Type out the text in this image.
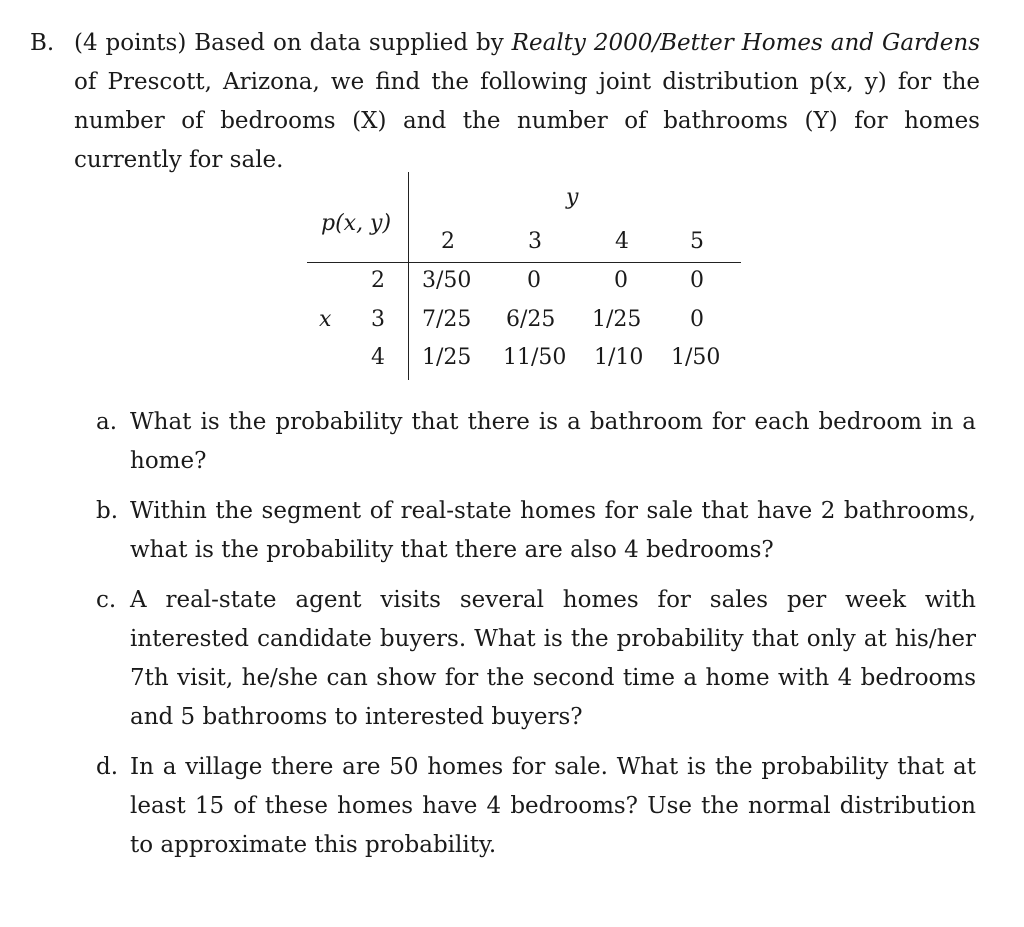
B. (4 points) Based on data supplied by Realty 2000/Better Homes and Gardens of Prescott, Arizona, we find the following joint distribution p(x, y) for the number of bedrooms (X) and the number of bathrooms (Y) for homes currently for sale.
p(x, y)
y
2	3	4	5
x
2 3/50	0	0	0
3 7/25 6/25 1/25 0
4 1/25 11/50 1/10 1/50
a. What is the probability that there is a bathroom for each bedroom in a home?
b. Within the segment of real-state homes for sale that have 2 bathrooms, what is the probability that there are also 4 bedrooms?
c. A real-state agent visits several homes for sales per week with interested candidate buyers. What is the probability that only at his/her 7th visit, he/she can show for the second time a home with 4 bedrooms and 5 bathrooms to interested buyers?
d. In a village there are 50 homes for sale. What is the probability that at least 15 of these homes have 4 bedrooms? Use the normal distribution to approximate this probability.
